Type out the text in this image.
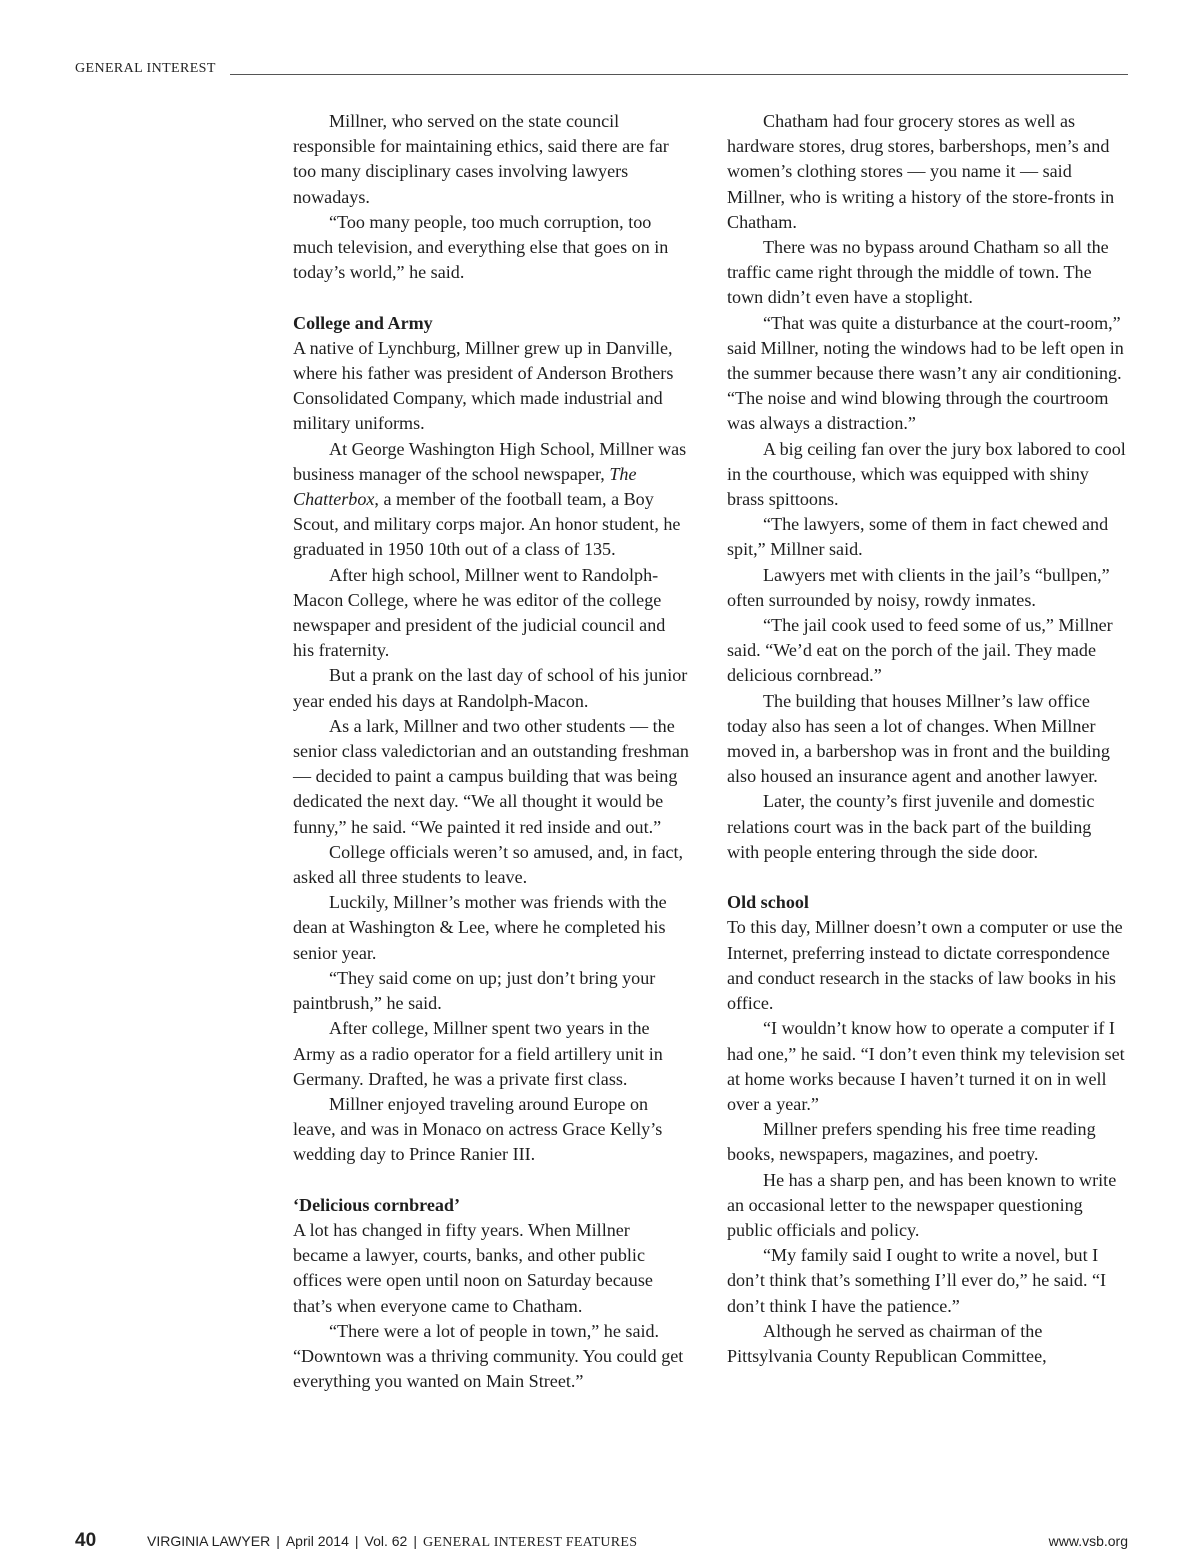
GENERAL INTEREST

Millner, who served on the state council responsible for maintaining ethics, said there are far too many disciplinary cases involving lawyers nowadays.

“Too many people, too much corruption, too much television, and everything else that goes on in today’s world,” he said.

College and Army

A native of Lynchburg, Millner grew up in Danville, where his father was president of Anderson Brothers Consolidated Company, which made industrial and military uniforms.

At George Washington High School, Millner was business manager of the school newspaper, The Chatterbox, a member of the football team, a Boy Scout, and military corps major. An honor student, he graduated in 1950 10th out of a class of 135.

After high school, Millner went to Randolph-Macon College, where he was editor of the college newspaper and president of the judicial council and his fraternity.

But a prank on the last day of school of his junior year ended his days at Randolph-Macon.

As a lark, Millner and two other students — the senior class valedictorian and an outstanding freshman — decided to paint a campus building that was being dedicated the next day. “We all thought it would be funny,” he said. “We painted it red inside and out.”

College officials weren’t so amused, and, in fact, asked all three students to leave.

Luckily, Millner’s mother was friends with the dean at Washington & Lee, where he completed his senior year.

“They said come on up; just don’t bring your paintbrush,” he said.

After college, Millner spent two years in the Army as a radio operator for a field artillery unit in Germany. Drafted, he was a private first class.

Millner enjoyed traveling around Europe on leave, and was in Monaco on actress Grace Kelly’s wedding day to Prince Ranier III.

‘Delicious cornbread’

A lot has changed in fifty years. When Millner became a lawyer, courts, banks, and other public offices were open until noon on Saturday because that’s when everyone came to Chatham.

“There were a lot of people in town,” he said. “Downtown was a thriving community. You could get everything you wanted on Main Street.”

Chatham had four grocery stores as well as hardware stores, drug stores, barbershops, men’s and women’s clothing stores — you name it — said Millner, who is writing a history of the store-fronts in Chatham.

There was no bypass around Chatham so all the traffic came right through the middle of town. The town didn’t even have a stoplight.

“That was quite a disturbance at the court-room,” said Millner, noting the windows had to be left open in the summer because there wasn’t any air conditioning. “The noise and wind blowing through the courtroom was always a distraction.”

A big ceiling fan over the jury box labored to cool in the courthouse, which was equipped with shiny brass spittoons.

“The lawyers, some of them in fact chewed and spit,” Millner said.

Lawyers met with clients in the jail’s “bullpen,” often surrounded by noisy, rowdy inmates.

“The jail cook used to feed some of us,” Millner said. “We’d eat on the porch of the jail. They made delicious cornbread.”

The building that houses Millner’s law office today also has seen a lot of changes. When Millner moved in, a barbershop was in front and the building also housed an insurance agent and another lawyer.

Later, the county’s first juvenile and domestic relations court was in the back part of the building with people entering through the side door.

Old school

To this day, Millner doesn’t own a computer or use the Internet, preferring instead to dictate correspondence and conduct research in the stacks of law books in his office.

“I wouldn’t know how to operate a computer if I had one,” he said. “I don’t even think my television set at home works because I haven’t turned it on in well over a year.”

Millner prefers spending his free time reading books, newspapers, magazines, and poetry.

He has a sharp pen, and has been known to write an occasional letter to the newspaper questioning public officials and policy.

“My family said I ought to write a novel, but I don’t think that’s something I’ll ever do,” he said. “I don’t think I have the patience.”

Although he served as chairman of the Pittsylvania County Republican Committee,

40	VIRGINIA LAWYER | April 2014 | Vol. 62 | GENERAL INTEREST FEATURES	www.vsb.org
